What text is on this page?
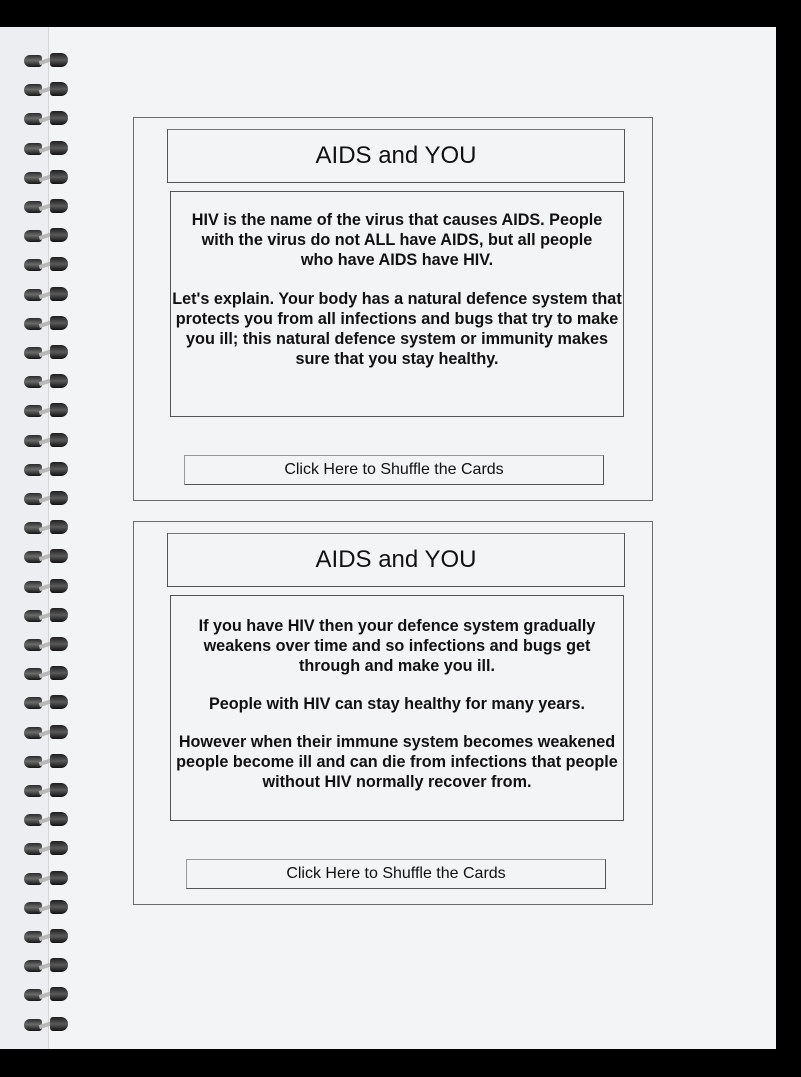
AIDS and YOU

HIV is the name of the virus that causes AIDS. People with the virus do not ALL have AIDS, but all people who have AIDS have HIV.

Let's explain. Your body has a natural defence system that protects you from all infections and bugs that try to make you ill; this natural defence system or immunity makes sure that you stay healthy.

Click Here to Shuffle the Cards
AIDS and YOU

If you have HIV then your defence system gradually weakens over time and so infections and bugs get through and make you ill.

People with HIV can stay healthy for many years.

However when their immune system becomes weakened people become ill and can die from infections that people without HIV normally recover from.

Click Here to Shuffle the Cards
